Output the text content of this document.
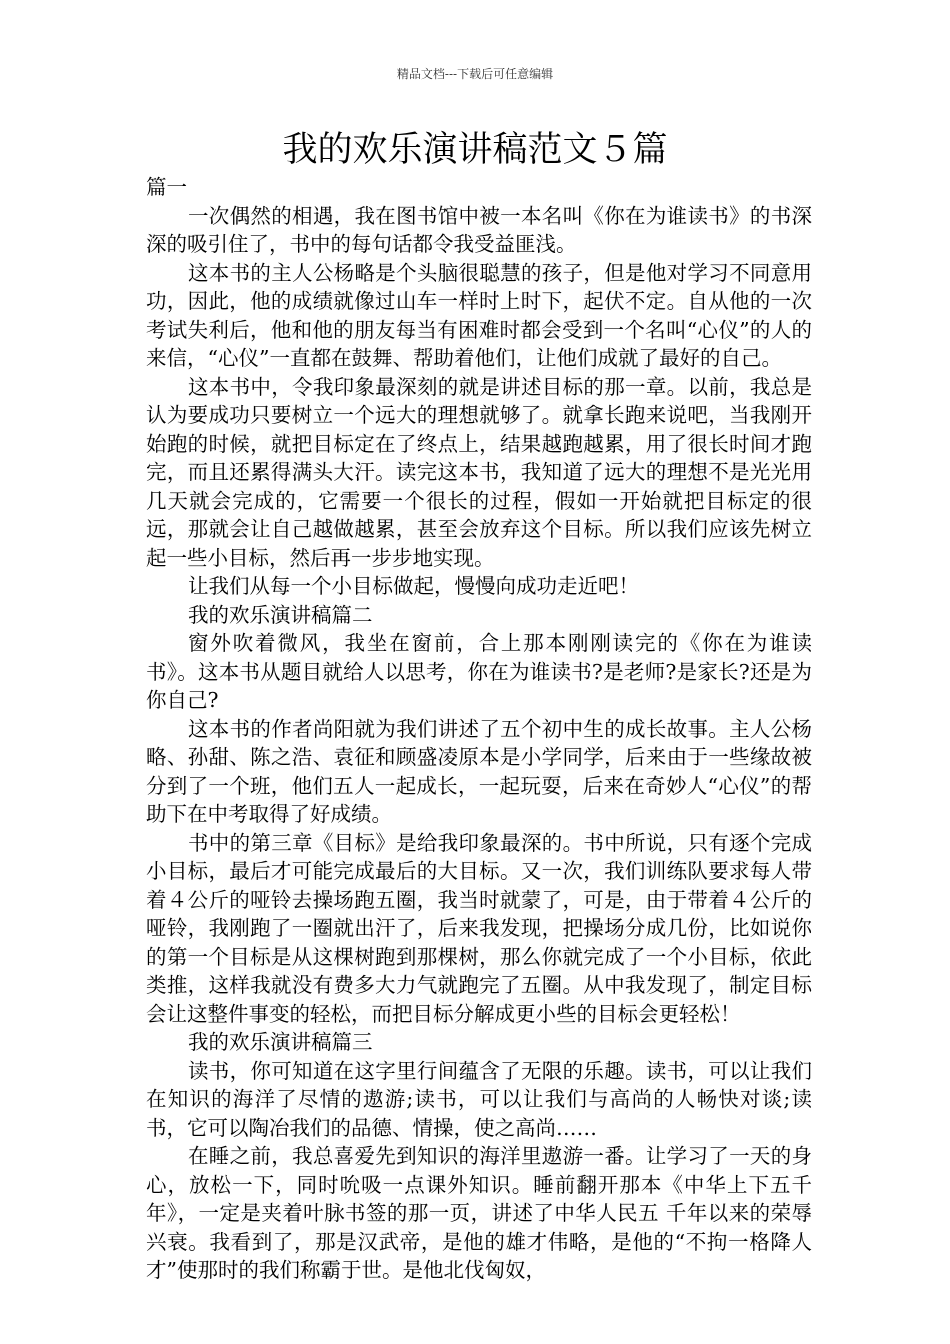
精品文档---下载后可任意编辑
我的欢乐演讲稿范文５篇

篇一

一次偶然的相遇，我在图书馆中被一本名叫《你在为谁读书》的书深深的吸引住了，书中的每句话都令我受益匪浅。

这本书的主人公杨略是个头脑很聪慧的孩子，但是他对学习不同意用功，因此，他的成绩就像过山车一样时上时下，起伏不定。自从他的一次考试失利后，他和他的朋友每当有困难时都会受到一个名叫“心仪”的人的来信，“心仪”一直都在鼓舞、帮助着他们，让他们成就了最好的自己。

这本书中，令我印象最深刻的就是讲述目标的那一章。以前，我总是认为要成功只要树立一个远大的理想就够了。就拿长跑来说吧，当我刚开始跑的时候，就把目标定在了终点上，结果越跑越累，用了很长时间才跑完，而且还累得满头大汗。读完这本书，我知道了远大的理想不是光光用几天就会完成的，它需要一个很长的过程，假如一开始就把目标定的很远，那就会让自己越做越累，甚至会放弃这个目标。所以我们应该先树立起一些小目标，然后再一步步地实现。

让我们从每一个小目标做起，慢慢向成功走近吧！

我的欢乐演讲稿篇二

窗外吹着微风，我坐在窗前，合上那本刚刚读完的《你在为谁读书》。这本书从题目就给人以思考，你在为谁读书?是老师?是家长?还是为你自己?

这本书的作者尚阳就为我们讲述了五个初中生的成长故事。主人公杨略、孙甜、陈之浩、袁征和顾盛凌原本是小学同学，后来由于一些缘故被分到了一个班，他们五人一起成长，一起玩耍，后来在奇妙人“心仪”的帮助下在中考取得了好成绩。

书中的第三章《目标》是给我印象最深的。书中所说，只有逐个完成小目标，最后才可能完成最后的大目标。又一次，我们训练队要求每人带着４公斤的哑铃去操场跑五圈，我当时就蒙了，可是，由于带着４公斤的哑铃，我刚跑了一圈就出汗了，后来我发现，把操场分成几份，比如说你的第一个目标是从这棵树跑到那棵树，那么你就完成了一个小目标，依此类推，这样我就没有费多大力气就跑完了五圈。从中我发现了，制定目标会让这整件事变的轻松，而把目标分解成更小些的目标会更轻松！

我的欢乐演讲稿篇三

读书，你可知道在这字里行间蕴含了无限的乐趣。读书，可以让我们在知识的海洋了尽情的遨游;读书，可以让我们与高尚的人畅快对谈;读书，它可以陶冶我们的品德、情操，使之高尚……

在睡之前，我总喜爱先到知识的海洋里遨游一番。让学习了一天的身心，放松一下，同时吮吸一点课外知识。睡前翻开那本《中华上下五千年》，一定是夹着叶脉书签的那一页，讲述了中华人民五 千年以来的荣辱兴衰。我看到了，那是汉武帝，是他的雄才伟略，是他的“不拘一格降人才”使那时的我们称霸于世。是他北伐匈奴，
